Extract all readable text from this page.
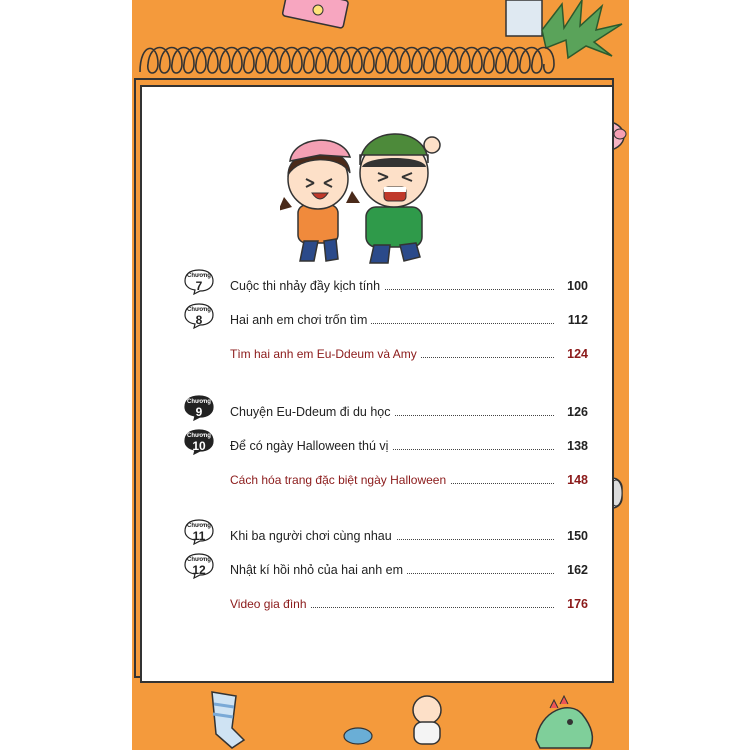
Chương
7	Cuộc thi nhảy đầy kịch tính	100
Chương
8	Hai anh em chơi trốn tìm	112
Tìm hai anh em Eu-Ddeum và Amy	124
Chương
9	Chuyện Eu-Ddeum đi du học	126
Chương
10	Để có ngày Halloween thú vị	138
Cách hóa trang đặc biệt ngày Halloween	148
Chương
11	Khi ba người chơi cùng nhau	150
Chương
12	Nhật kí hồi nhỏ của hai anh em	162
Video gia đình	176
